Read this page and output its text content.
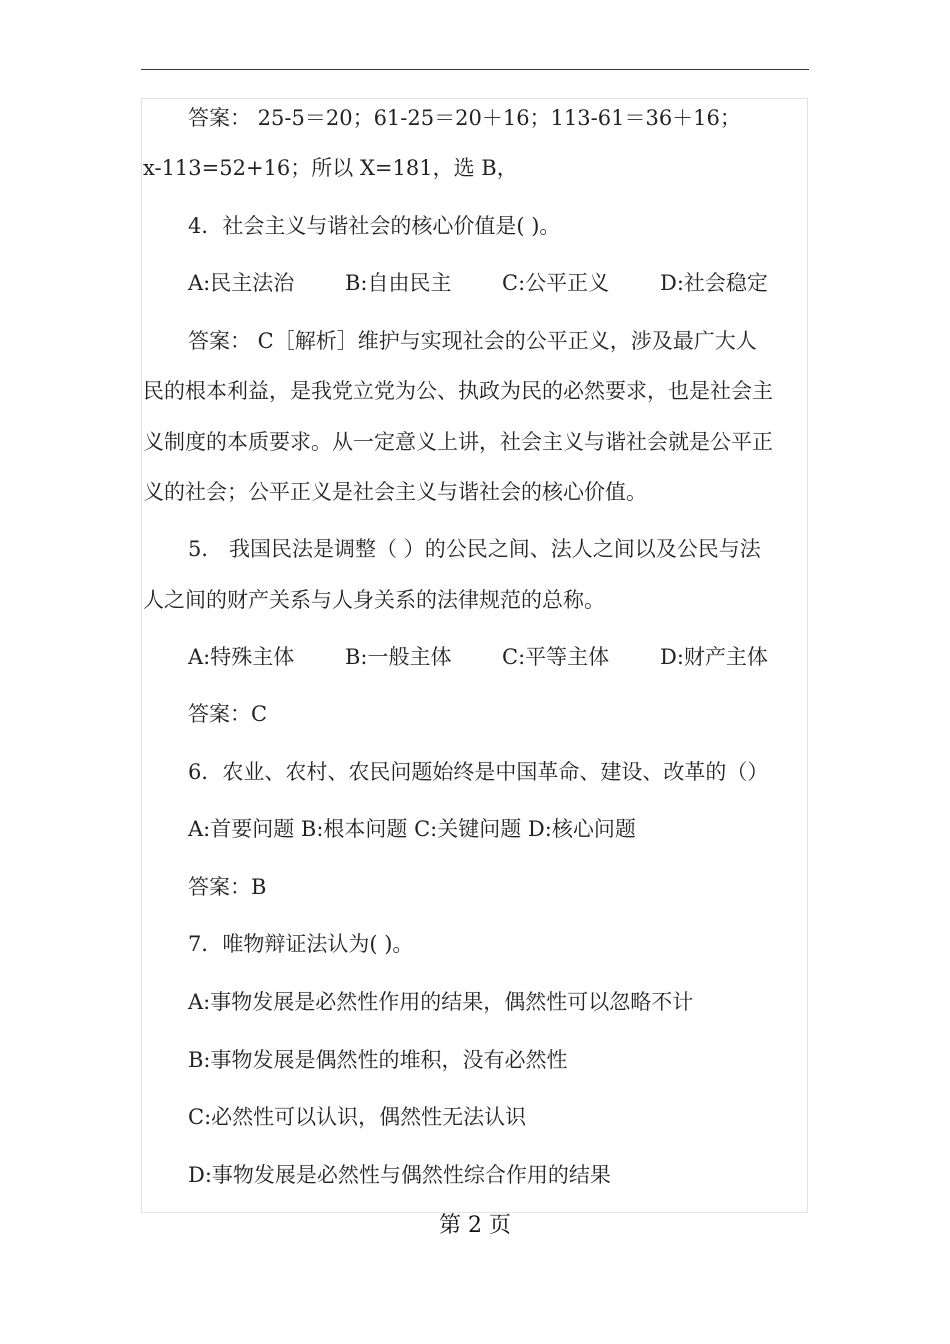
答案： 25-5＝20；61-25＝20＋16；113-61＝36＋16；
x-113=52+16；所以 X=181，选 B，
4．社会主义与谐社会的核心价值是( )。
A:民主法治 B:自由民主 C:公平正义 D:社会稳定
答案： C［解析］维护与实现社会的公平正义，涉及最广大人
民的根本利益，是我党立党为公、执政为民的必然要求，也是社会主
义制度的本质要求。从一定意义上讲，社会主义与谐社会就是公平正
义的社会；公平正义是社会主义与谐社会的核心价值。
5． 我国民法是调整（ ）的公民之间、法人之间以及公民与法
人之间的财产关系与人身关系的法律规范的总称。
A:特殊主体 B:一般主体 C:平等主体 D:财产主体
答案：C
6．农业、农村、农民问题始终是中国革命、建设、改革的（）
A:首要问题 B:根本问题 C:关键问题 D:核心问题
答案：B
7．唯物辩证法认为( )。
A:事物发展是必然性作用的结果，偶然性可以忽略不计
B:事物发展是偶然性的堆积，没有必然性
C:必然性可以认识，偶然性无法认识
D:事物发展是必然性与偶然性综合作用的结果
第 2 页
